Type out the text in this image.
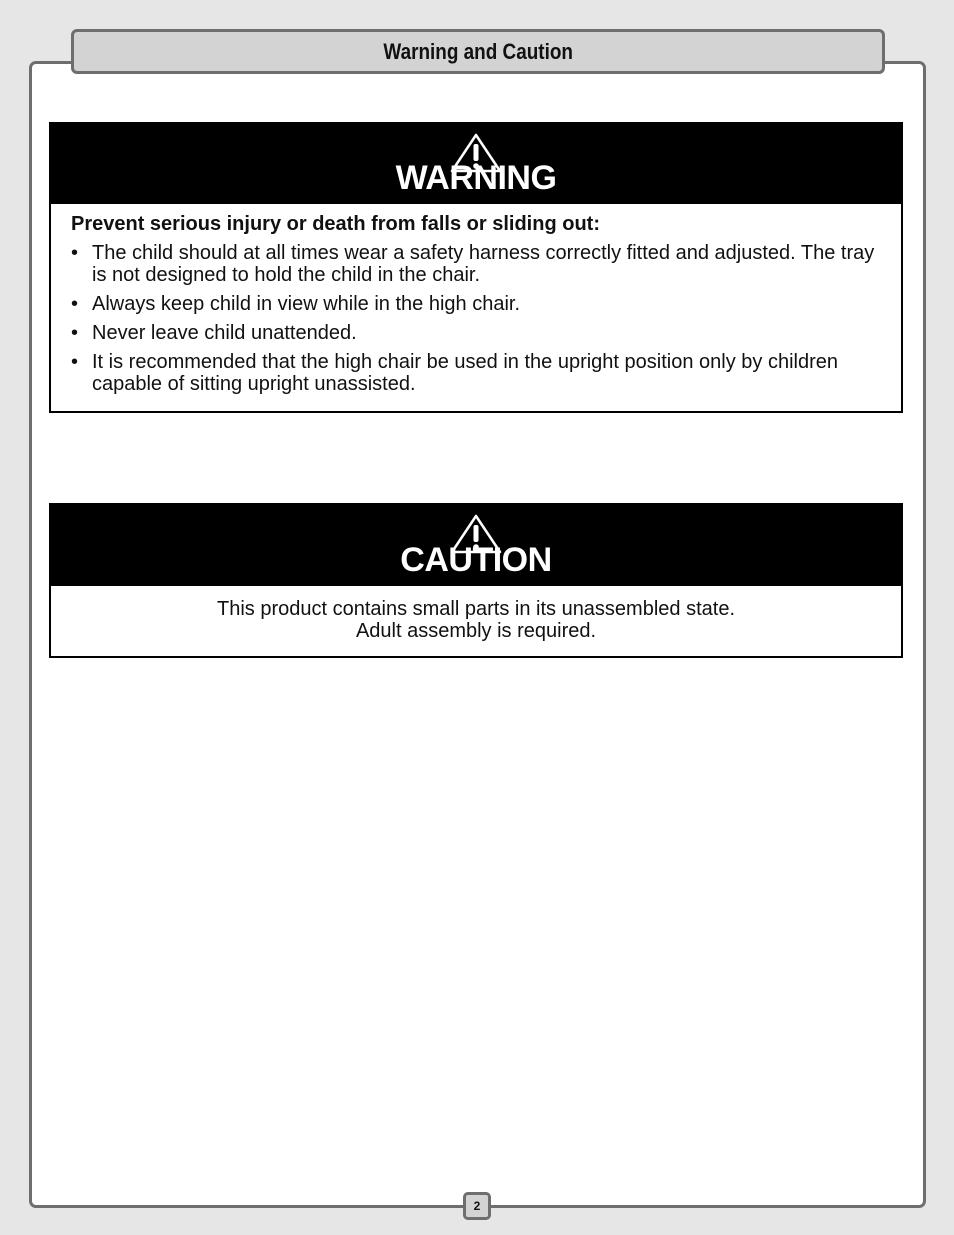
Warning and Caution
WARNING
Prevent serious injury or death from falls or sliding out:
• The child should at all times wear a safety harness correctly fitted and adjusted. The tray is not designed to hold the child in the chair.
• Always keep child in view while in the high chair.
• Never leave child unattended.
• It is recommended that the high chair be used in the upright position only by children capable of sitting upright unassisted.
CAUTION
This product contains small parts in its unassembled state.
Adult assembly is required.
2
